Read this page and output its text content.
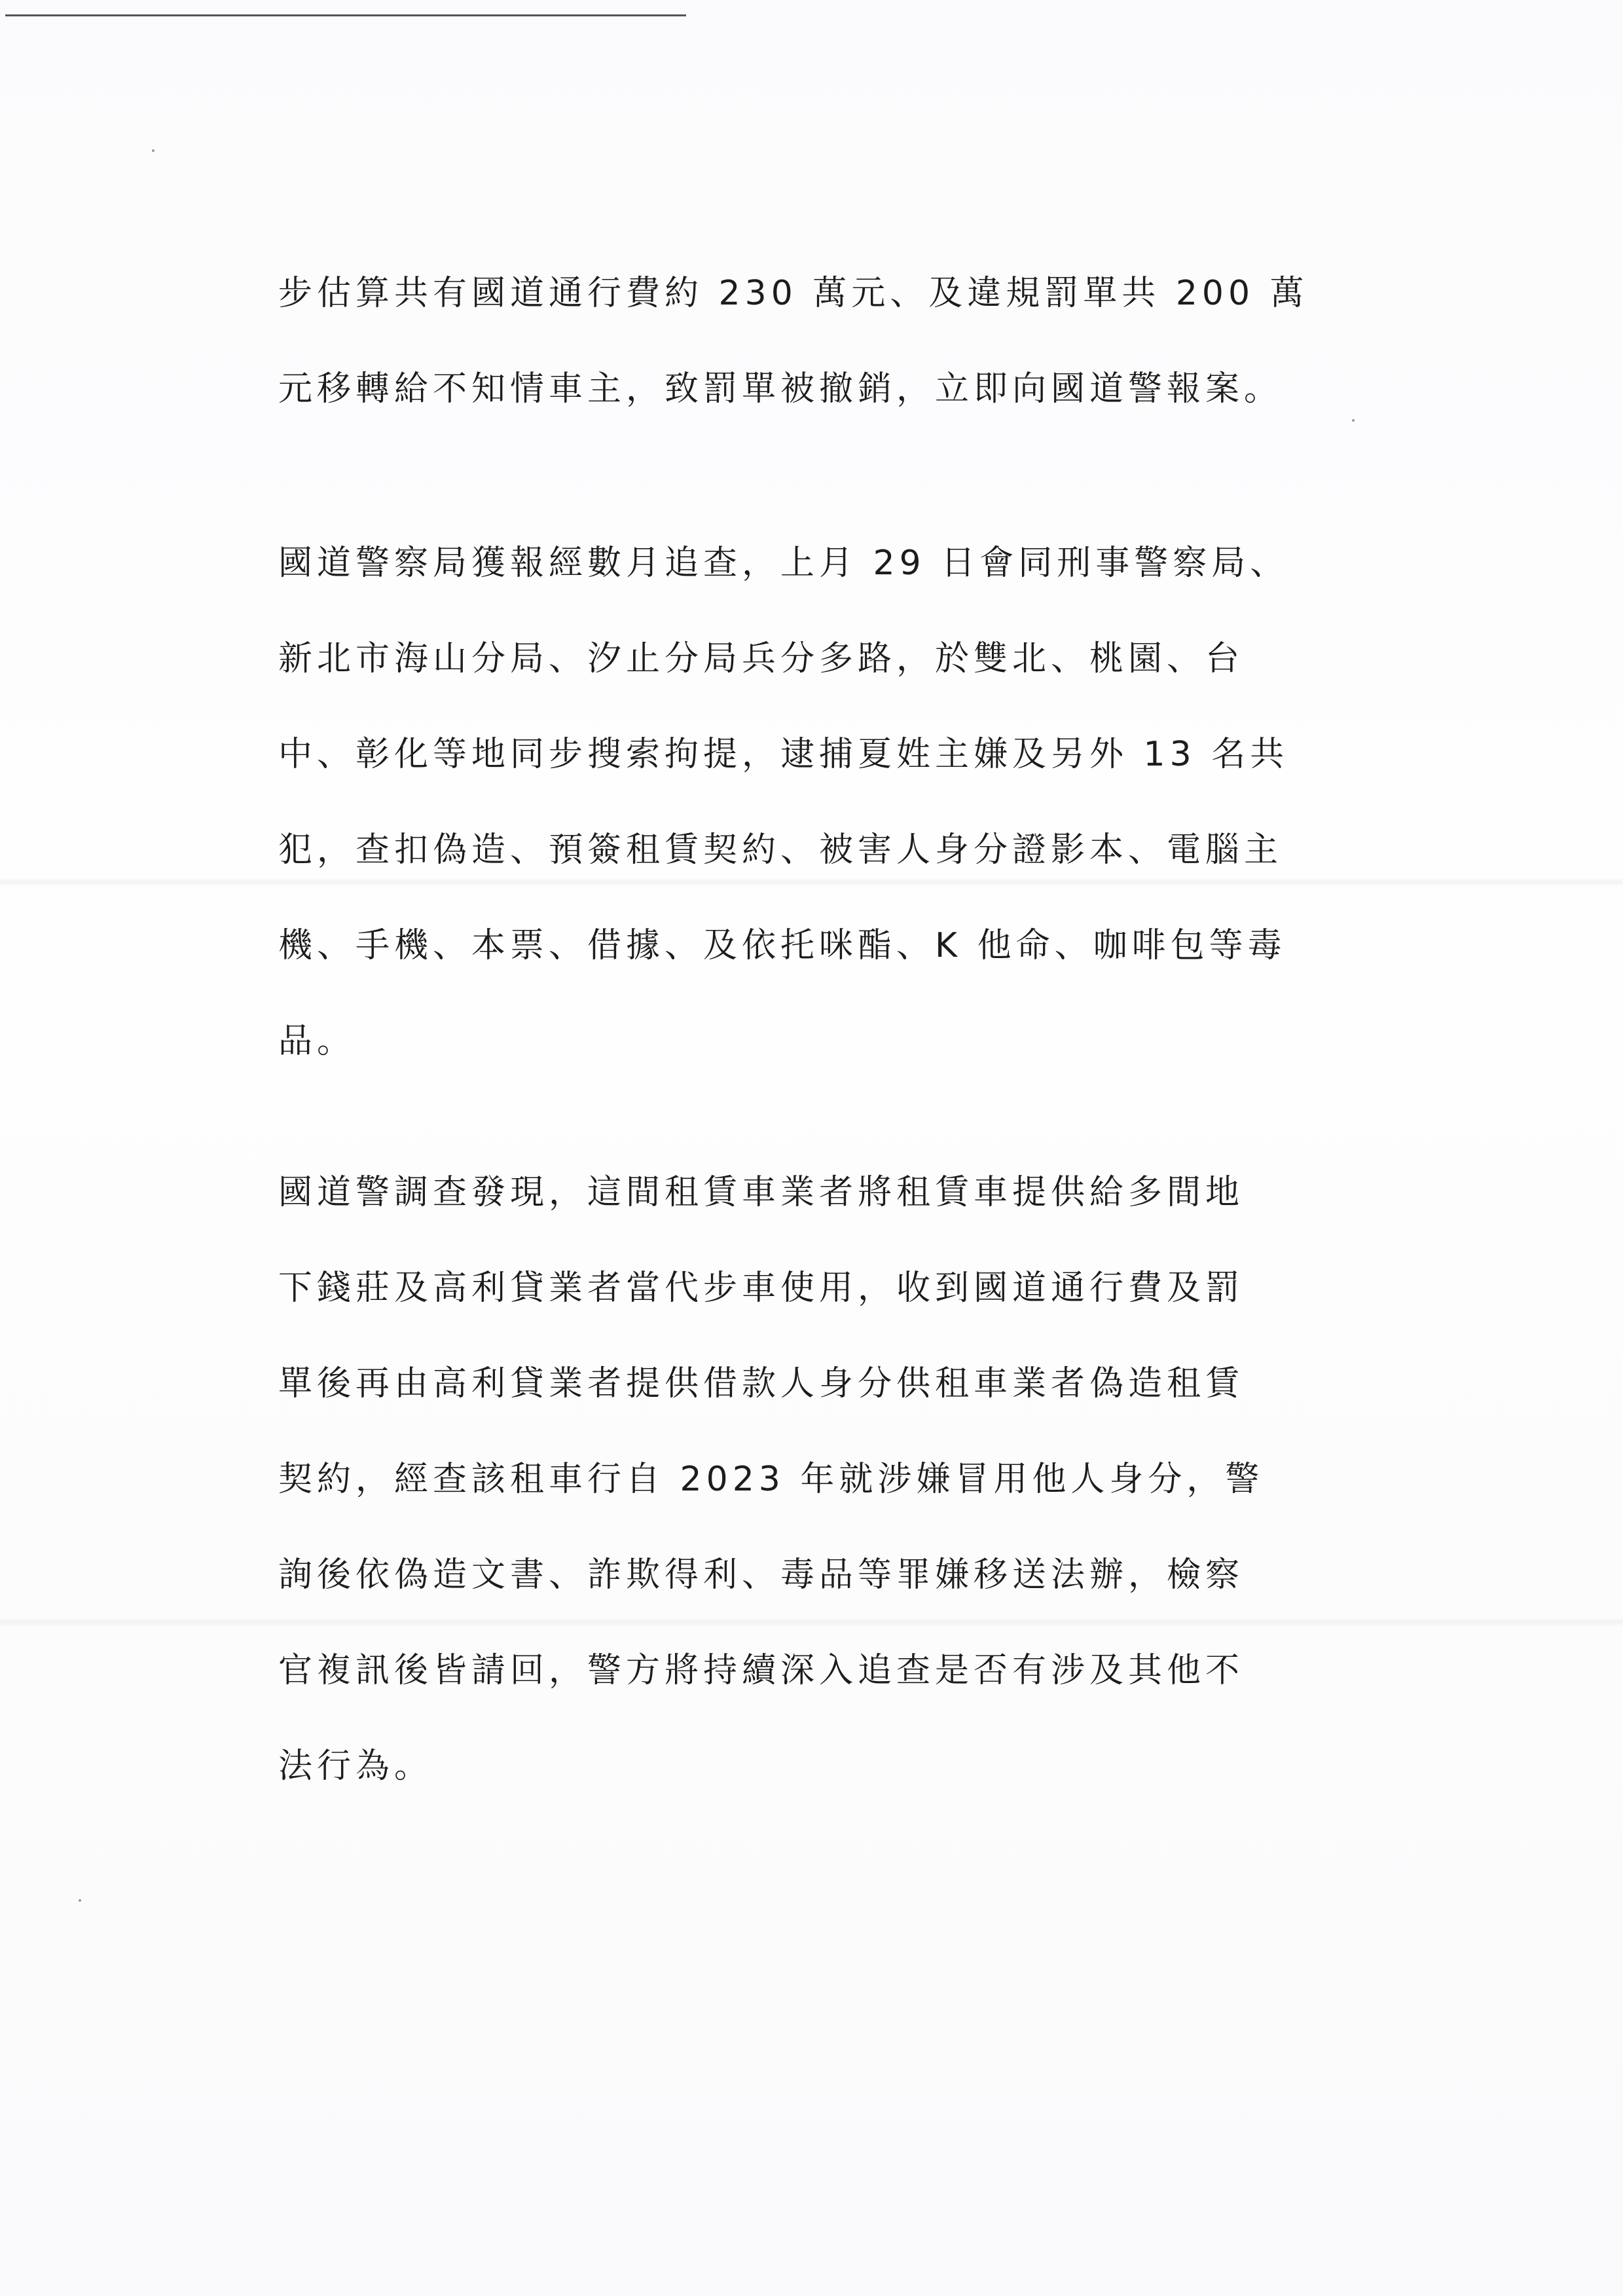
步估算共有國道通行費約 230 萬元、及違規罰單共 200 萬
元移轉給不知情車主，致罰單被撤銷，立即向國道警報案。
國道警察局獲報經數月追查，上月 29 日會同刑事警察局、
新北市海山分局、汐止分局兵分多路，於雙北、桃園、台
中、彰化等地同步搜索拘提，逮捕夏姓主嫌及另外 13 名共
犯，查扣偽造、預簽租賃契約、被害人身分證影本、電腦主
機、手機、本票、借據、及依托咪酯、K 他命、咖啡包等毒
品。
國道警調查發現，這間租賃車業者將租賃車提供給多間地
下錢莊及高利貸業者當代步車使用，收到國道通行費及罰
單後再由高利貸業者提供借款人身分供租車業者偽造租賃
契約，經查該租車行自 2023 年就涉嫌冒用他人身分，警
詢後依偽造文書、詐欺得利、毒品等罪嫌移送法辦，檢察
官複訊後皆請回，警方將持續深入追查是否有涉及其他不
法行為。
